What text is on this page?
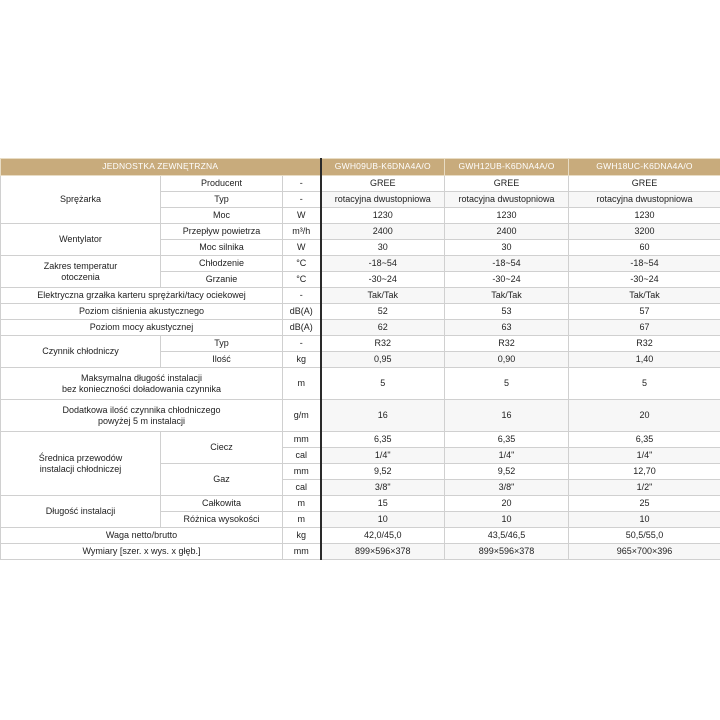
JEDNOSTKA ZEWNĘTRZNA			GWH09UB-K6DNA4A/O	GWH12UB-K6DNA4A/O	GWH18UC-K6DNA4A/O
Sprężarka	Producent	-	GREE	GREE	GREE
	Typ	-	rotacyjna dwustopniowa	rotacyjna dwustopniowa	rotacyjna dwustopniowa
	Moc	W	1230	1230	1230
Wentylator	Przepływ powietrza	m³/h	2400	2400	3200
	Moc silnika	W	30	30	60
Zakres temperatur
otoczenia	Chłodzenie	°C	-18~54	-18~54	-18~54
	Grzanie	°C	-30~24	-30~24	-30~24
Elektryczna grzałka karteru sprężarki/tacy ociekowej		-	Tak/Tak	Tak/Tak	Tak/Tak
Poziom ciśnienia akustycznego		dB(A)	52	53	57
Poziom mocy akustycznej		dB(A)	62	63	67
Czynnik chłodniczy	Typ	-	R32	R32	R32
	Ilość	kg	0,95	0,90	1,40
Maksymalna długość instalacji
bez konieczności doładowania czynnika		m	5	5	5
Dodatkowa ilość czynnika chłodniczego
powyżej 5 m instalacji		g/m	16	16	20
Średnica przewodów
instalacji chłodniczej	Ciecz	mm	6,35	6,35	6,35
		cal	1/4"	1/4"	1/4"
	Gaz	mm	9,52	9,52	12,70
		cal	3/8"	3/8"	1/2"
Długość instalacji	Całkowita	m	15	20	25
	Różnica wysokości	m	10	10	10
Waga netto/brutto		kg	42,0/45,0	43,5/46,5	50,5/55,0
Wymiary [szer. x wys. x głęb.]		mm	899×596×378	899×596×378	965×700×396
